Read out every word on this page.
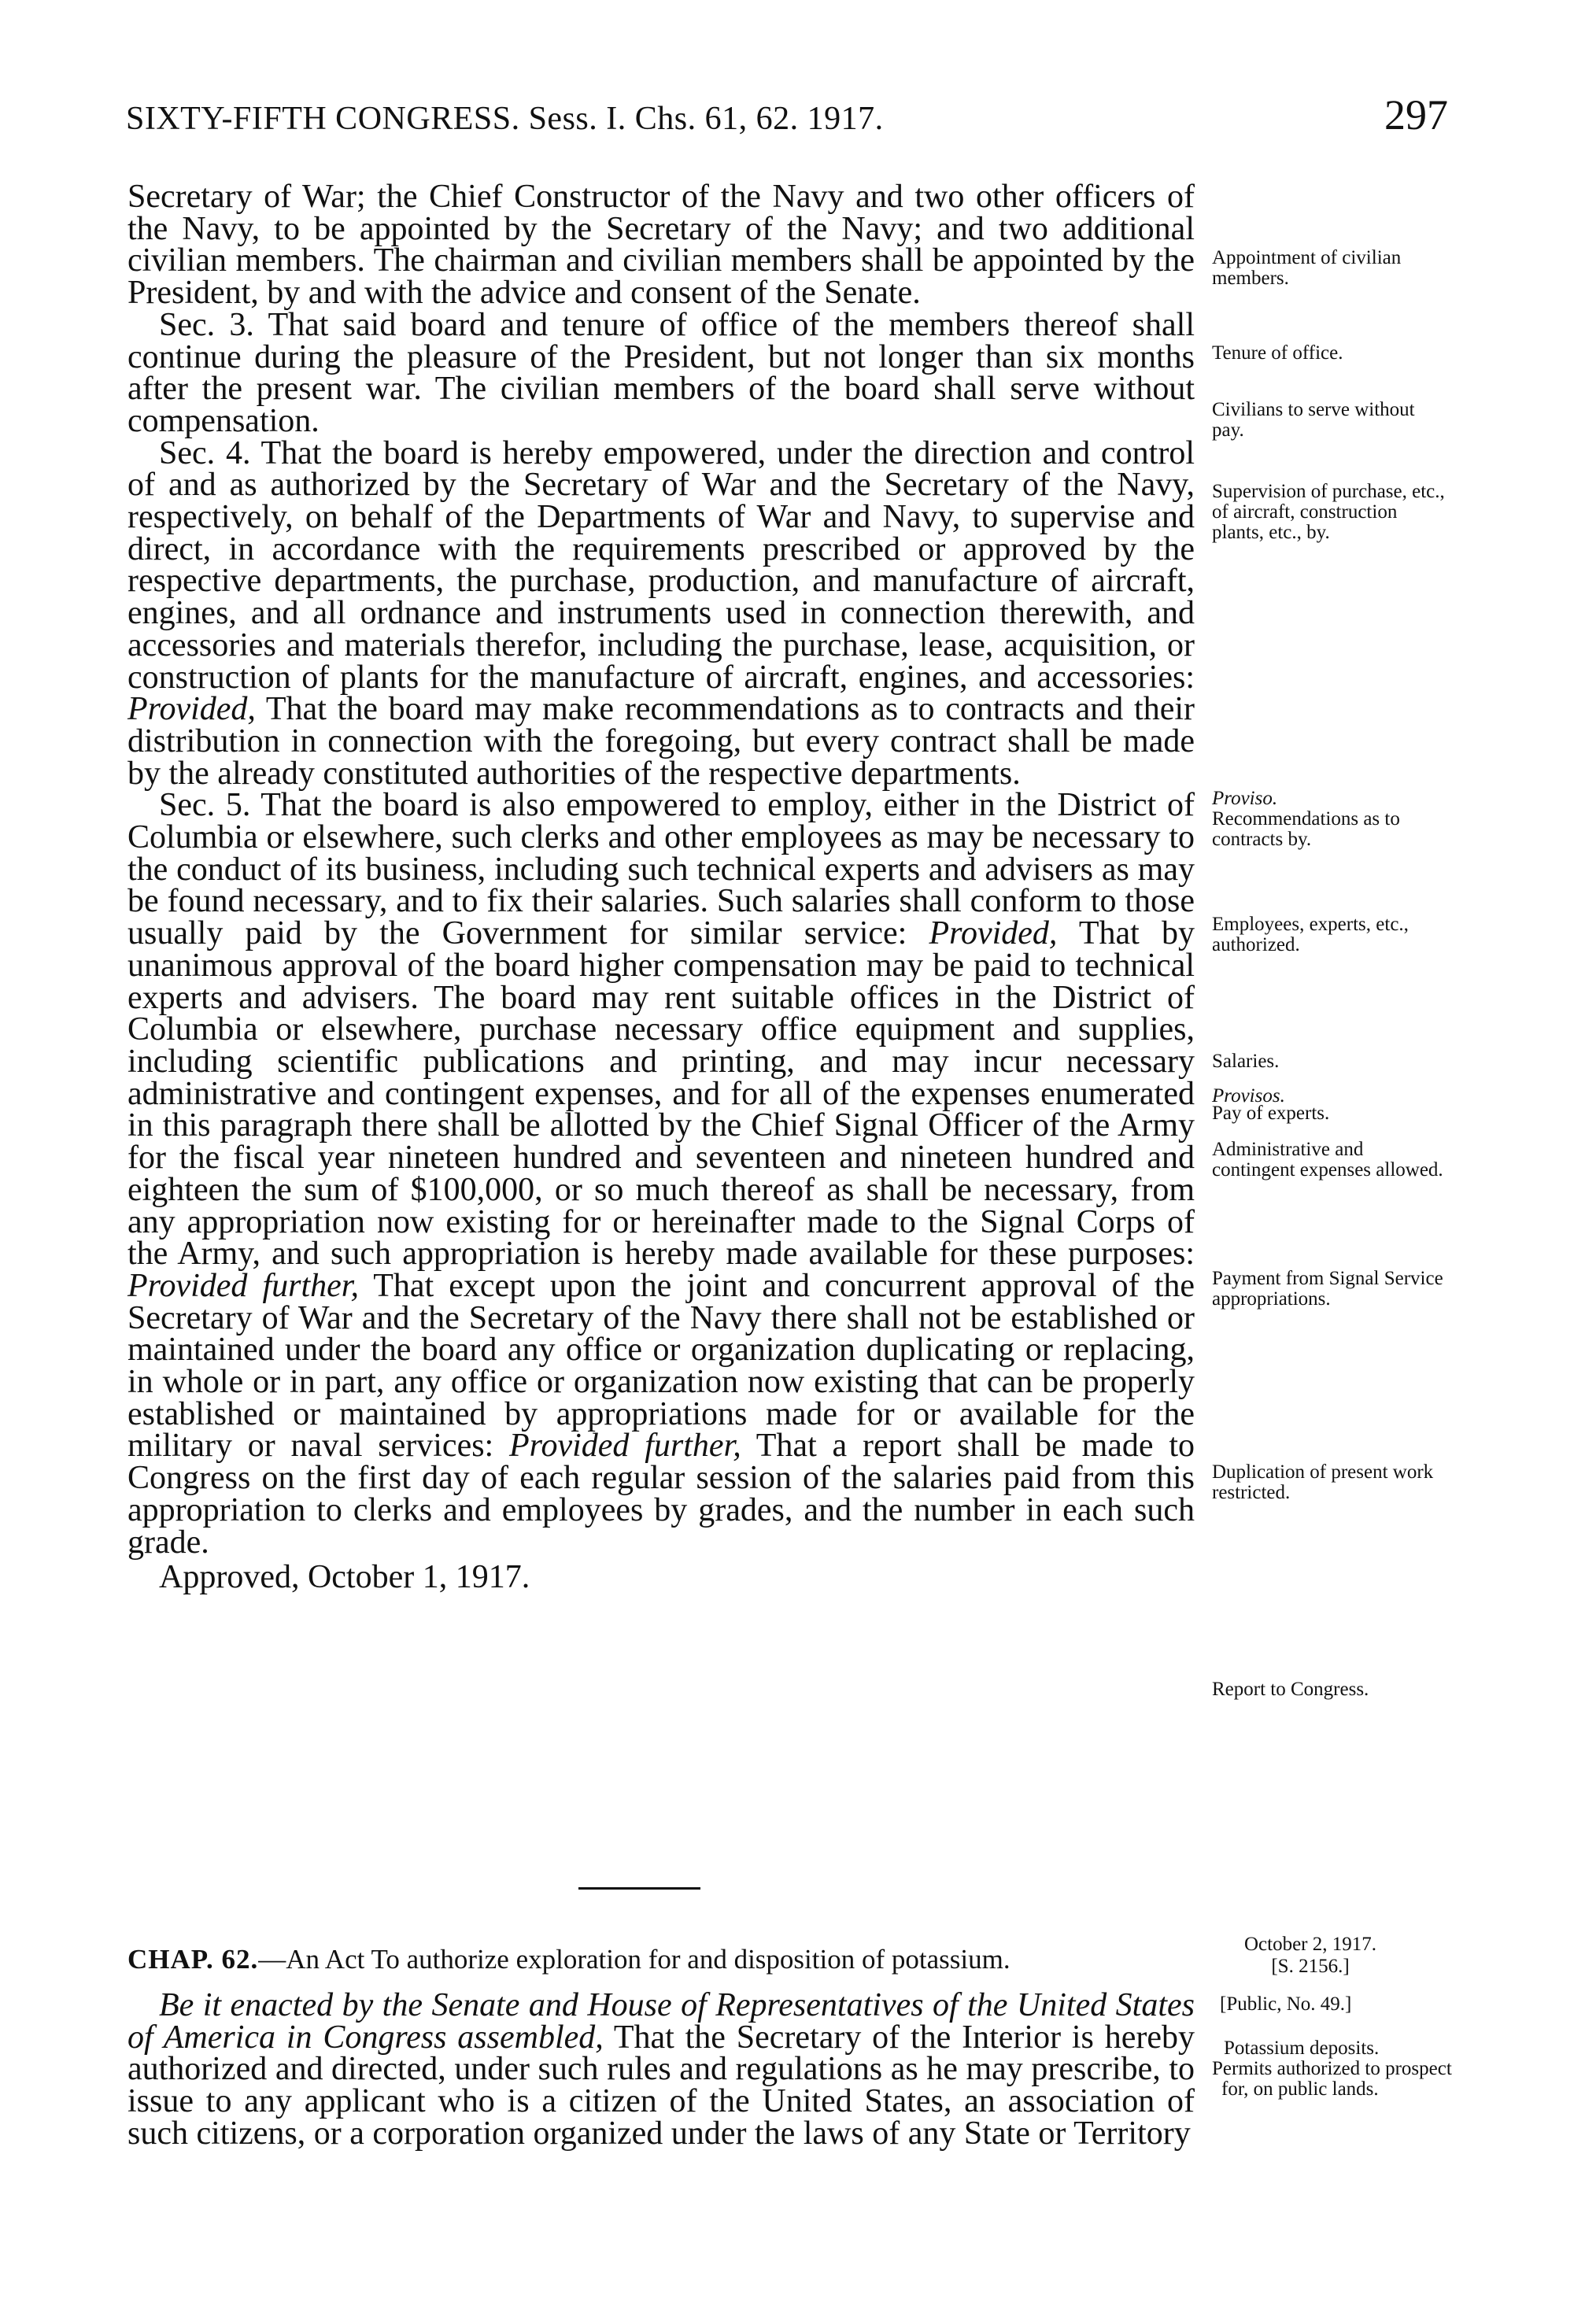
SIXTY-FIFTH CONGRESS. Sess. I. Chs. 61, 62. 1917.	297

Secretary of War; the Chief Constructor of the Navy and two other officers of the Navy, to be appointed by the Secretary of the Navy; and two additional civilian members. The chairman and civilian members shall be appointed by the President, by and with the advice and consent of the Senate.

Sec. 3. That said board and tenure of office of the members thereof shall continue during the pleasure of the President, but not longer than six months after the present war. The civilian members of the board shall serve without compensation.

Sec. 4. That the board is hereby empowered, under the direction and control of and as authorized by the Secretary of War and the Secretary of the Navy, respectively, on behalf of the Departments of War and Navy, to supervise and direct, in accordance with the requirements prescribed or approved by the respective departments, the purchase, production, and manufacture of aircraft, engines, and all ordnance and instruments used in connection therewith, and accessories and materials therefor, including the purchase, lease, acquisition, or construction of plants for the manufacture of aircraft, engines, and accessories: Provided, That the board may make recommendations as to contracts and their distribution in connection with the foregoing, but every contract shall be made by the already constituted authorities of the respective departments.

Sec. 5. That the board is also empowered to employ, either in the District of Columbia or elsewhere, such clerks and other employees as may be necessary to the conduct of its business, including such technical experts and advisers as may be found necessary, and to fix their salaries. Such salaries shall conform to those usually paid by the Government for similar service: Provided, That by unanimous approval of the board higher compensation may be paid to technical experts and advisers. The board may rent suitable offices in the District of Columbia or elsewhere, purchase necessary office equipment and supplies, including scientific publications and printing, and may incur necessary administrative and contingent expenses, and for all of the expenses enumerated in this paragraph there shall be allotted by the Chief Signal Officer of the Army for the fiscal year nineteen hundred and seventeen and nineteen hundred and eighteen the sum of $100,000, or so much thereof as shall be necessary, from any appropriation now existing for or hereinafter made to the Signal Corps of the Army, and such appropriation is hereby made available for these purposes: Provided further, That except upon the joint and concurrent approval of the Secretary of War and the Secretary of the Navy there shall not be established or maintained under the board any office or organization duplicating or replacing, in whole or in part, any office or organization now existing that can be properly established or maintained by appropriations made for or available for the military or naval services: Provided further, That a report shall be made to Congress on the first day of each regular session of the salaries paid from this appropriation to clerks and employees by grades, and the number in each such grade.

Approved, October 1, 1917.

Appointment of civilian members.
Tenure of office.
Civilians to serve without pay.
Supervision of purchase, etc., of aircraft, construction plants, etc., by.
Proviso.
Recommendations as to contracts by.
Employees, experts, etc., authorized.
Salaries.
Provisos.
Pay of experts.
Administrative and contingent expenses allowed.
Payment from Signal Service appropriations.
Duplication of present work restricted.
Report to Congress.
October 2, 1917.
[S. 2156.]
[Public, No. 49.]
Potassium deposits.
Permits authorized to prospect for, on public lands.
CHAP. 62.—An Act To authorize exploration for and disposition of potassium.

Be it enacted by the Senate and House of Representatives of the United States of America in Congress assembled, That the Secretary of the Interior is hereby authorized and directed, under such rules and regulations as he may prescribe, to issue to any applicant who is a citizen of the United States, an association of such citizens, or a corporation organized under the laws of any State or Territory
